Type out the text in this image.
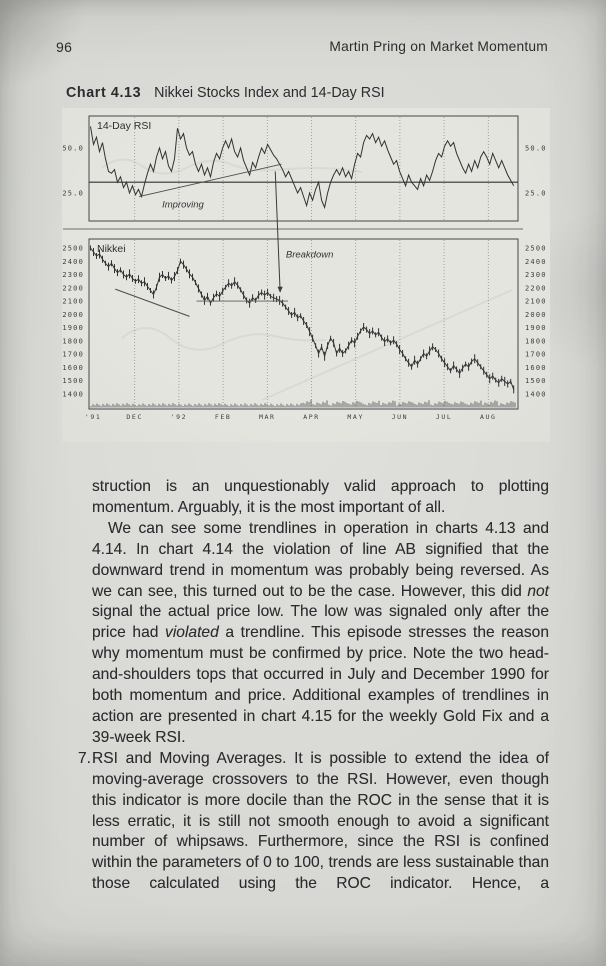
96	Martin Pring on Market Momentum
Chart 4.13 Nikkei Stocks Index and 14-Day RSI
50.0	50.0
25.0	25.0
2500	2500
2400	2400
2300	2300
2200	2200
2100	2100
2000	2000
1900	1900
1800	1800
1700	1700
1600	1600
1500	1500
1400	1400
'91	DEC	'92	FEB	MAR	APR	MAY	JUN	JUL	AUG
14-Day RSI
Nikkei
Improving
Breakdown

struction is an unquestionably valid approach to plotting momentum. Arguably, it is the most important of all.

We can see some trendlines in operation in charts 4.13 and 4.14. In chart 4.14 the violation of line AB signified that the downward trend in momentum was probably being reversed. As we can see, this turned out to be the case. However, this did not signal the actual price low. The low was signaled only after the price had violated a trendline. This episode stresses the reason why momentum must be confirmed by price. Note the two head-and-shoulders tops that occurred in July and December 1990 for both momentum and price. Additional examples of trendlines in action are presented in chart 4.15 for the weekly Gold Fix and a 39-week RSI.

7. RSI and Moving Averages. It is possible to extend the idea of moving-average crossovers to the RSI. However, even though this indicator is more docile than the ROC in the sense that it is less erratic, it is still not smooth enough to avoid a significant number of whipsaws. Furthermore, since the RSI is confined within the parameters of 0 to 100, trends are less sustainable than those calculated using the ROC indicator. Hence, a
